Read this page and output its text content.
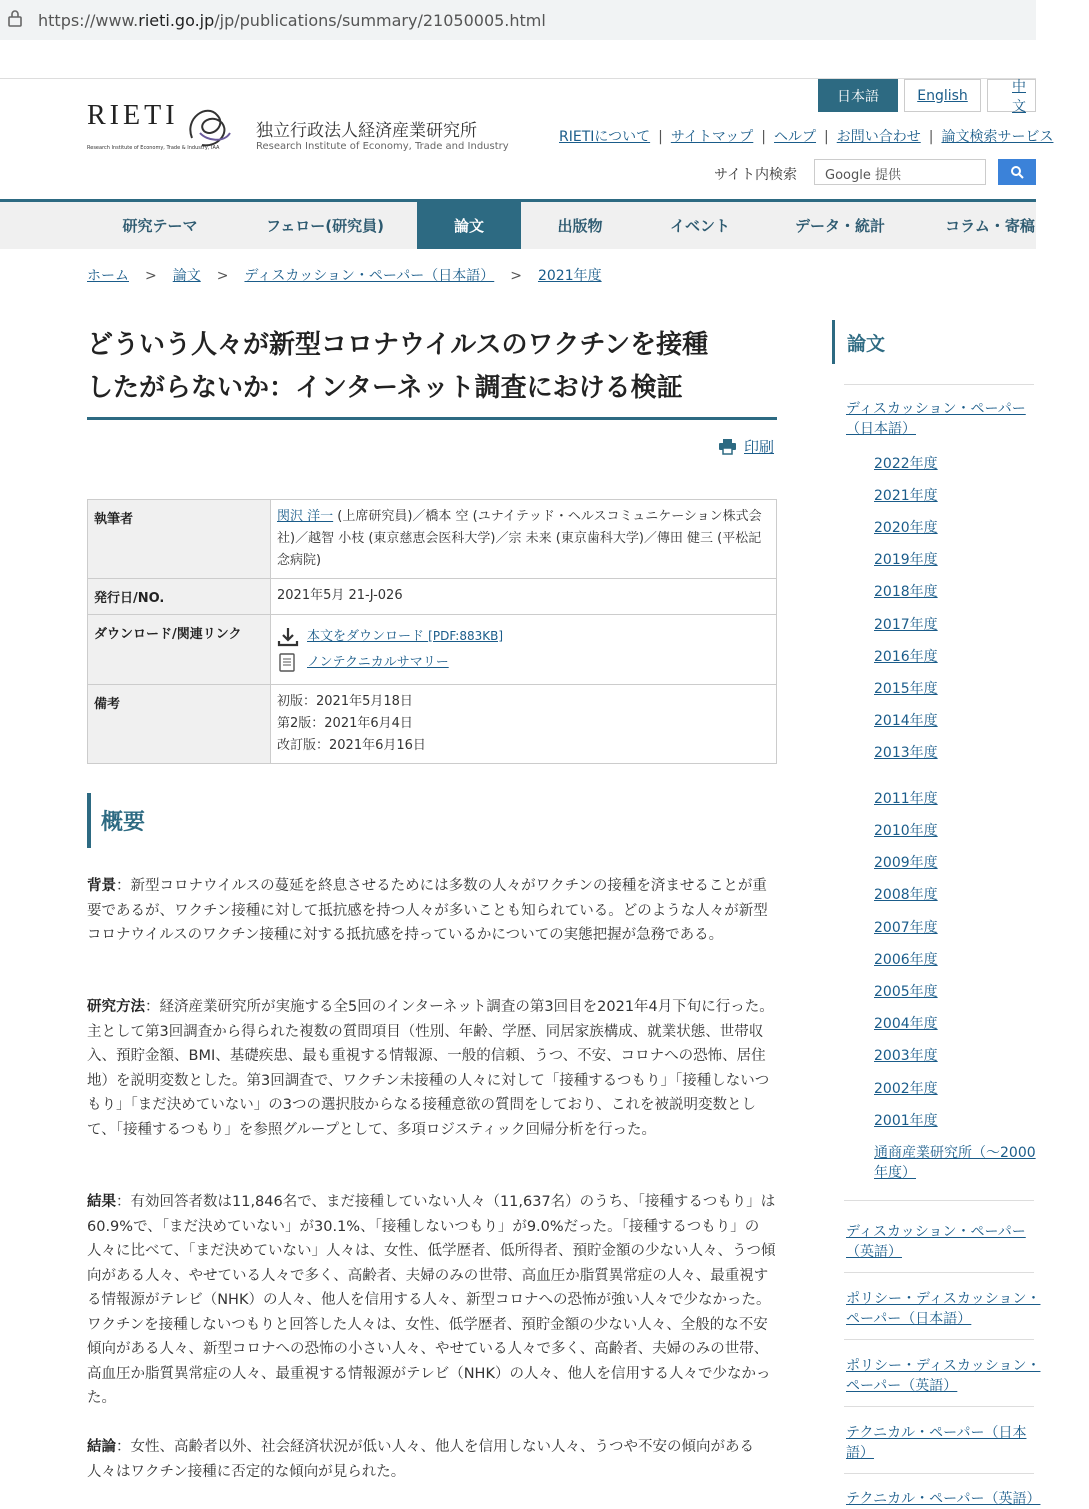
https://www. rieti.go.jp /jp/publications/summary/21050005.html
RIETI
Research Institute of Economy, Trade & Industry, IAA
独立行政法人経済産業研究所
Research Institute of Economy, Trade and Industry
日本語	English
中文
RIETIについて | サイトマップ | ヘルプ | お問い合わせ | 論文検索サービス
サイト内検索	Google 提供
研究テーマ	フェロー(研究員)	論文	出版物	イベント	データ・統計	コラム・寄稿
ホーム > 論文 > ディスカッション・ペーパー（日本語） > 2021年度
どういう人々が新型コロナウイルスのワクチンを接種
したがらないか：インターネット調査における検証
印刷
執筆者	関沢 洋一 (上席研究員)／橋本 空 (ユナイテッド・ヘルスコミュニケーション株式会社)／越智 小枝 (東京慈恵会医科大学)／宗 未来 (東京歯科大学)／傳田 健三 (平松記念病院)
発行日/NO.	2021年5月 21-J-026
ダウンロード/関連リンク	本文をダウンロード [PDF:883KB]
ノンテクニカルサマリー

備考	初版：2021年5月18日
第2版：2021年6月4日
改訂版：2021年6月16日
概要
背景：新型コロナウイルスの蔓延を終息させるためには多数の人々がワクチンの接種を済ませることが重要であるが、ワクチン接種に対して抵抗感を持つ人々が多いことも知られている。どのような人々が新型コロナウイルスのワクチン接種に対する抵抗感を持っているかについての実態把握が急務である。
研究方法：経済産業研究所が実施する全5回のインターネット調査の第3回目を2021年4月下旬に行った。主として第3回調査から得られた複数の質問項目（性別、年齢、学歴、同居家族構成、就業状態、世帯収入、預貯金額、BMI、基礎疾患、最も重視する情報源、一般的信頼、うつ、不安、コロナへの恐怖、居住地）を説明変数とした。第3回調査で、ワクチン未接種の人々に対して「接種するつもり」「接種しないつもり」「まだ決めていない」の3つの選択肢からなる接種意欲の質問をしており、これを被説明変数として、「接種するつもり」を参照グループとして、多項ロジスティック回帰分析を行った。
結果：有効回答者数は11,846名で、まだ接種していない人々（11,637名）のうち、「接種するつもり」は60.9%で、「まだ決めていない」が30.1%、「接種しないつもり」が9.0%だった。「接種するつもり」の人々に比べて、「まだ決めていない」人々は、女性、低学歴者、低所得者、預貯金額の少ない人々、うつ傾向がある人々、やせている人々で多く、高齢者、夫婦のみの世帯、高血圧か脂質異常症の人々、最重視する情報源がテレビ（NHK）の人々、他人を信用する人々、新型コロナへの恐怖が強い人々で少なかった。ワクチンを接種しないつもりと回答した人々は、女性、低学歴者、預貯金額の少ない人々、全般的な不安傾向がある人々、新型コロナへの恐怖の小さい人々、やせている人々で多く、高齢者、夫婦のみの世帯、高血圧か脂質異常症の人々、最重視する情報源がテレビ（NHK）の人々、他人を信用する人々で少なかった。
結論：女性、高齢者以外、社会経済状況が低い人々、他人を信用しない人々、うつや不安の傾向がある人々はワクチン接種に否定的な傾向が見られた。
論文
ディスカッション・ペーパー（日本語）
2022年度
2021年度
2020年度
2019年度
2018年度
2017年度
2016年度
2015年度
2014年度
2013年度
2011年度
2010年度
2009年度
2008年度
2007年度
2006年度
2005年度
2004年度
2003年度
2002年度
2001年度
通商産業研究所（～2000年度）
ディスカッション・ペーパー（英語）
ポリシー・ディスカッション・ペーパー（日本語）
ポリシー・ディスカッション・ペーパー（英語）
テクニカル・ペーパー（日本語）
テクニカル・ペーパー（英語）
